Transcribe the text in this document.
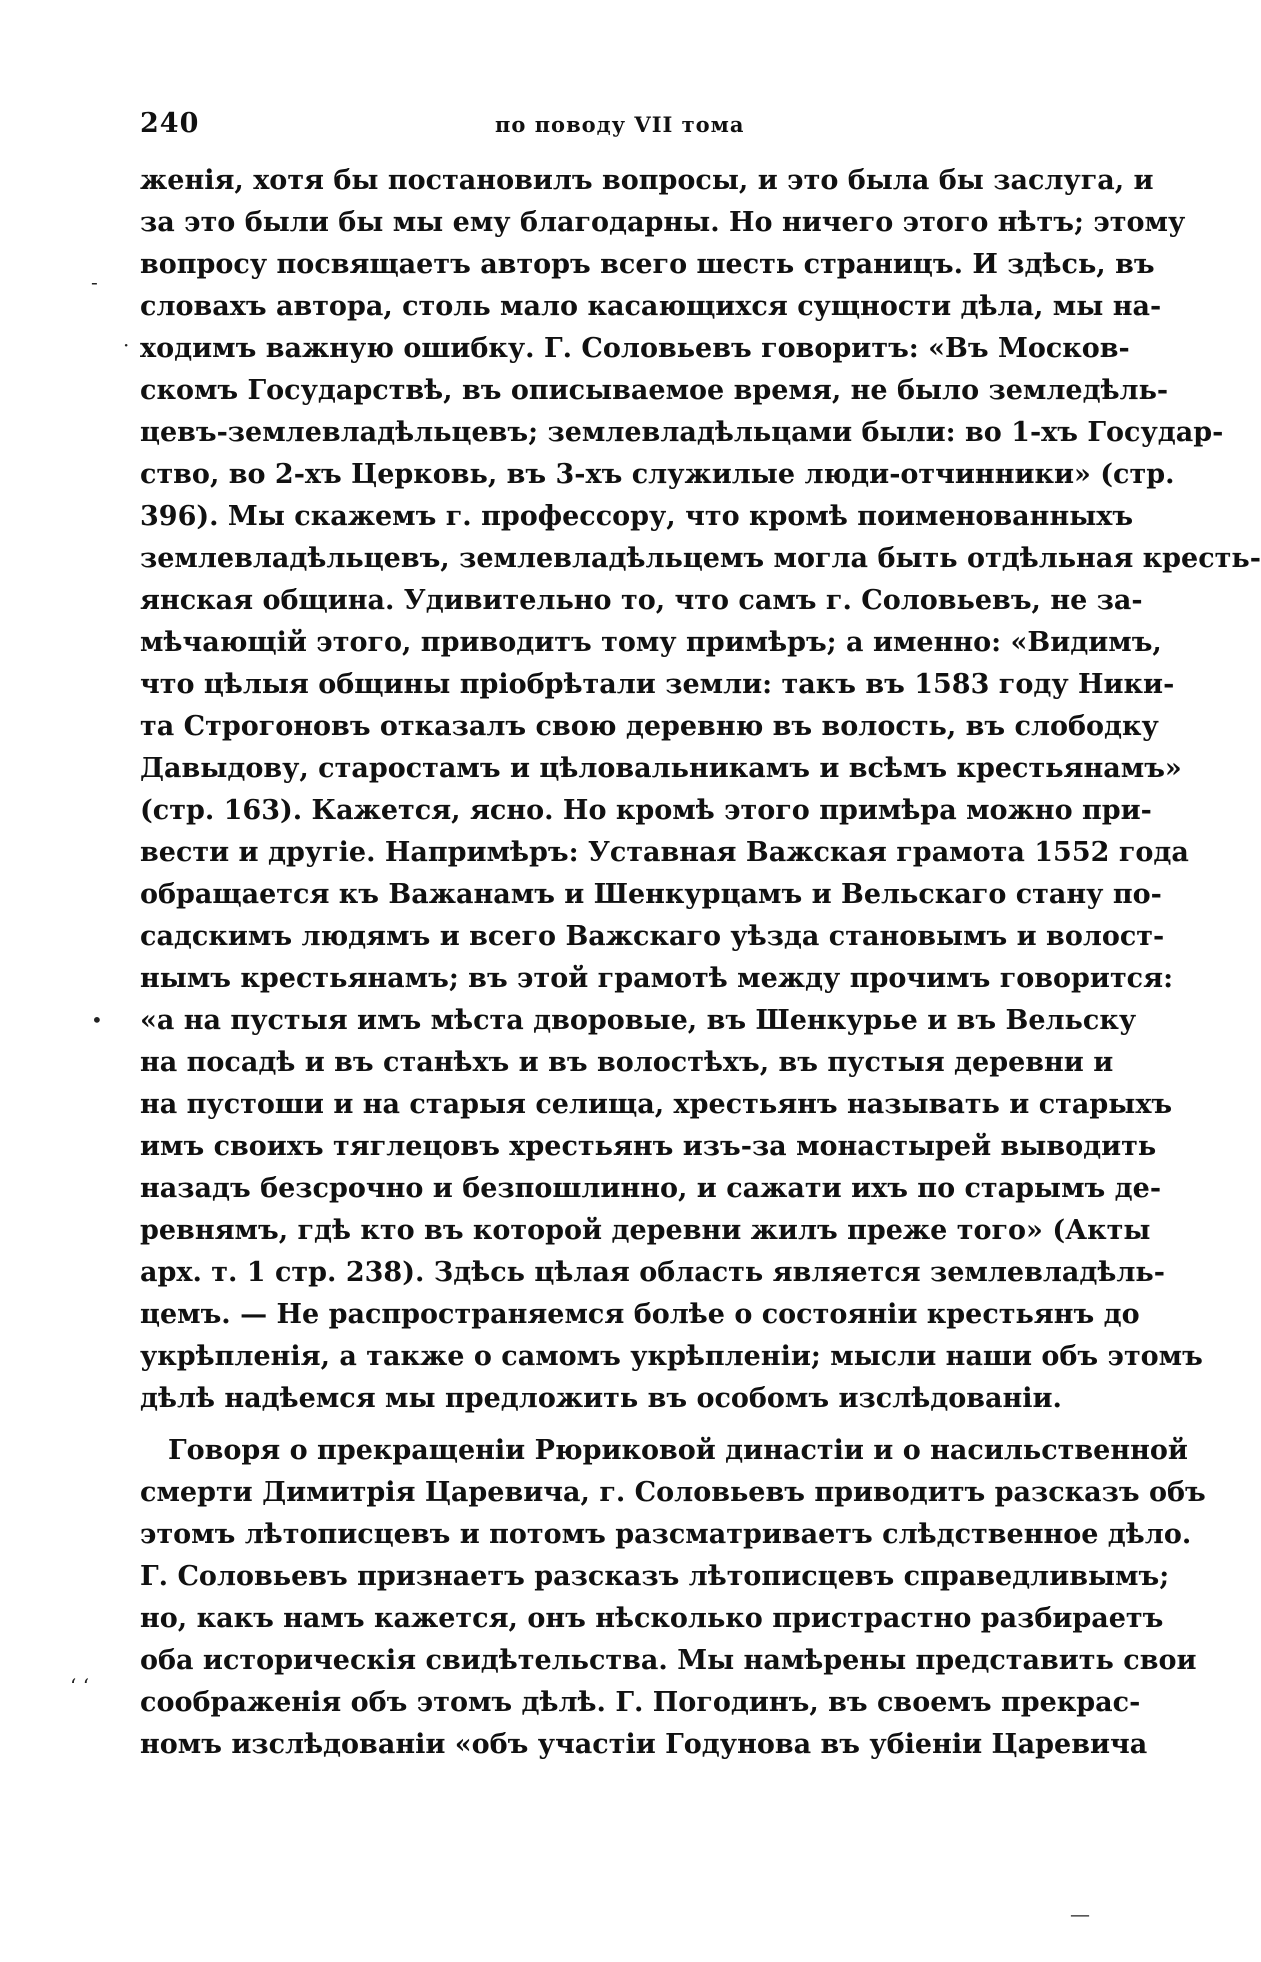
240	по поводу VII тома
-
·
•
‘ ‘
—
женія, хотя бы постановилъ вопросы, и это была бы заслуга, и
за это были бы мы ему благодарны. Но ничего этого нѣтъ; этому
вопросу посвящаетъ авторъ всего шесть страницъ. И здѣсь, въ
словахъ автора, столь мало касающихся сущности дѣла, мы на-
ходимъ важную ошибку. Г. Соловьевъ говоритъ: «Въ Москов-
скомъ Государствѣ, въ описываемое время, не было земледѣль-
цевъ-землевладѣльцевъ; землевладѣльцами были: во 1-хъ Государ-
ство, во 2-хъ Церковь, въ 3-хъ служилые люди-отчинники» (стр.
396). Мы скажемъ г. профессору, что кромѣ поименованныхъ
землевладѣльцевъ, землевладѣльцемъ могла быть отдѣльная кресть-
янская община. Удивительно то, что самъ г. Соловьевъ, не за-
мѣчающій этого, приводитъ тому примѣръ; а именно: «Видимъ,
что цѣлыя общины пріобрѣтали земли: такъ въ 1583 году Ники-
та Строгоновъ отказалъ свою деревню въ волость, въ слободку
Давыдову, старостамъ и цѣловальникамъ и всѣмъ крестьянамъ»
(стр. 163). Кажется, ясно. Но кромѣ этого примѣра можно при-
вести и другіе. Напримѣръ: Уставная Важская грамота 1552 года
обращается къ Важанамъ и Шенкурцамъ и Вельскаго стану по-
садскимъ людямъ и всего Важскаго уѣзда становымъ и волост-
нымъ крестьянамъ; въ этой грамотѣ между прочимъ говорится:
«а на пустыя имъ мѣста дворовые, въ Шенкурье и въ Вельску
на посадѣ и въ станѣхъ и въ волостѣхъ, въ пустыя деревни и
на пустоши и на старыя селища, хрестьянъ называть и старыхъ
имъ своихъ тяглецовъ хрестьянъ изъ-за монастырей выводить
назадъ безсрочно и безпошлинно, и сажати ихъ по старымъ де-
ревнямъ, гдѣ кто въ которой деревни жилъ преже того» (Акты
арх. т. 1 стр. 238). Здѣсь цѣлая область является землевладѣль-
цемъ. — Не распространяемся болѣе о состояніи крестьянъ до
укрѣпленія, а также о самомъ укрѣпленіи; мысли наши объ этомъ
дѣлѣ надѣемся мы предложить въ особомъ изслѣдованіи.
Говоря о прекращеніи Рюриковой династіи и о насильственной
смерти Димитрія Царевича, г. Соловьевъ приводитъ разсказъ объ
этомъ лѣтописцевъ и потомъ разсматриваетъ слѣдственное дѣло.
Г. Соловьевъ признаетъ разсказъ лѣтописцевъ справедливымъ;
но, какъ намъ кажется, онъ нѣсколько пристрастно разбираетъ
оба историческія свидѣтельства. Мы намѣрены представить свои
соображенія объ этомъ дѣлѣ. Г. Погодинъ, въ своемъ прекрас-
номъ изслѣдованіи «объ участіи Годунова въ убіеніи Царевича
